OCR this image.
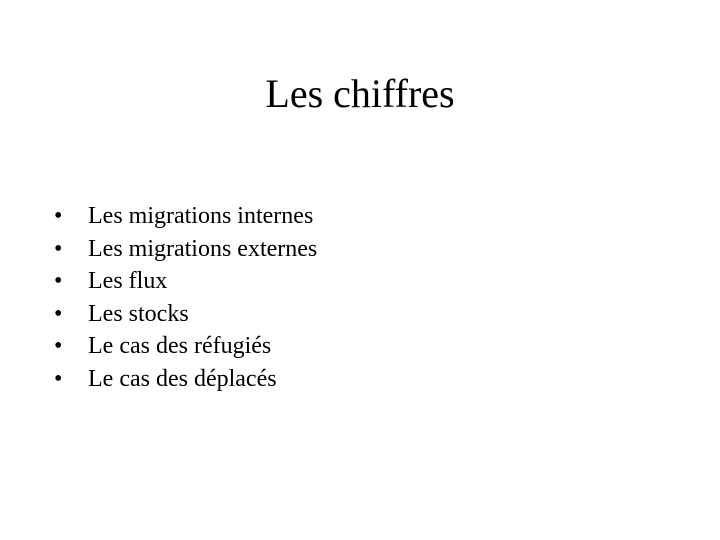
Les chiffres
•	Les migrations internes
•	Les migrations externes
•	Les flux
•	Les stocks
•	Le cas des réfugiés
•	Le cas des déplacés
